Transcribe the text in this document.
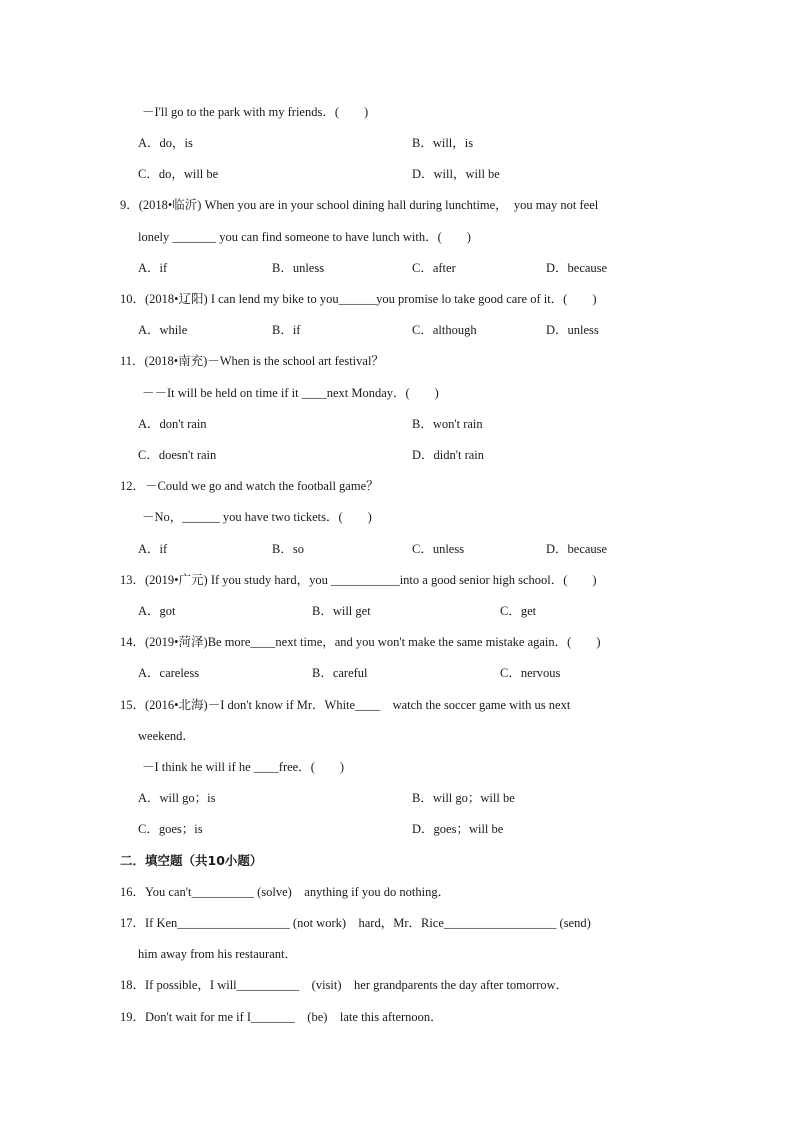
－I'll go to the park with my friends．(　　)
A．do，is	B．will，is
C．do，will be	D．will，will be
9．(2018•临沂) When you are in your school dining hall during lunchtime，　you may not feel
lonely _______ you can find someone to have lunch with．(　　)
A．if	B．unless	C．after	D．because
10．(2018•辽阳) I can lend my bike to you______you promise lo take good care of it．(　　)
A．while	B．if	C．although	D．unless
11．(2018•南充)－When is the school art festival？
－－It will be held on time if it ____next Monday．(　　)
A．don't rain	B．won't rain
C．doesn't rain	D．didn't rain
12．－Could we go and watch the football game？
－No，______ you have two tickets．(　　)
A．if	B．so	C．unless	D．because
13．(2019•广元) If you study hard，you ___________into a good senior high school．(　　)
A．got	B．will get	C．get
14．(2019•菏泽)Be more____next time，and you won't make the same mistake again．(　　)
A．careless	B．careful	C．nervous
15．(2016•北海)－I don't know if Mr．White____　watch the soccer game with us next
weekend．
－I think he will if he ____free．(　　)
A．will go；is	B．will go；will be
C．goes；is	D．goes；will be
二．填空题（共10小题）
16．You can't__________ (solve)　anything if you do nothing．
17．If Ken__________________ (not work)　hard，Mr．Rice__________________ (send)
him away from his restaurant．
18．If possible，I will__________　(visit)　her grandparents the day after tomorrow．
19．Don't wait for me if I_______　(be)　late this afternoon．
